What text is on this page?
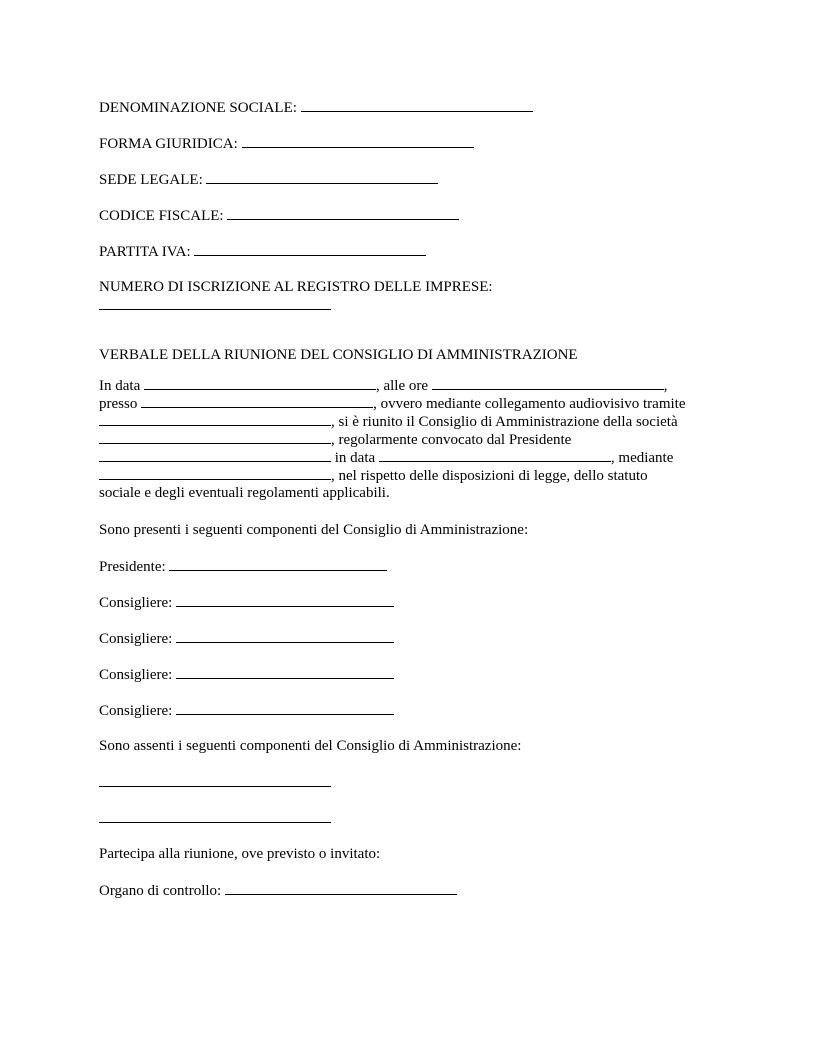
DENOMINAZIONE SOCIALE:
FORMA GIURIDICA:
SEDE LEGALE:
CODICE FISCALE:
PARTITA IVA:
NUMERO DI ISCRIZIONE AL REGISTRO DELLE IMPRESE:
VERBALE DELLA RIUNIONE DEL CONSIGLIO DI AMMINISTRAZIONE
In data	, alle ore	,
presso	, ovvero mediante collegamento audiovisivo tramite
, si è riunito il Consiglio di Amministrazione della società
, regolarmente convocato dal Presidente
in data	, mediante
, nel rispetto delle disposizioni di legge, dello statuto
sociale e degli eventuali regolamenti applicabili.
Sono presenti i seguenti componenti del Consiglio di Amministrazione:
Presidente:
Consigliere:
Consigliere:
Consigliere:
Consigliere:
Sono assenti i seguenti componenti del Consiglio di Amministrazione:
Partecipa alla riunione, ove previsto o invitato:
Organo di controllo:
